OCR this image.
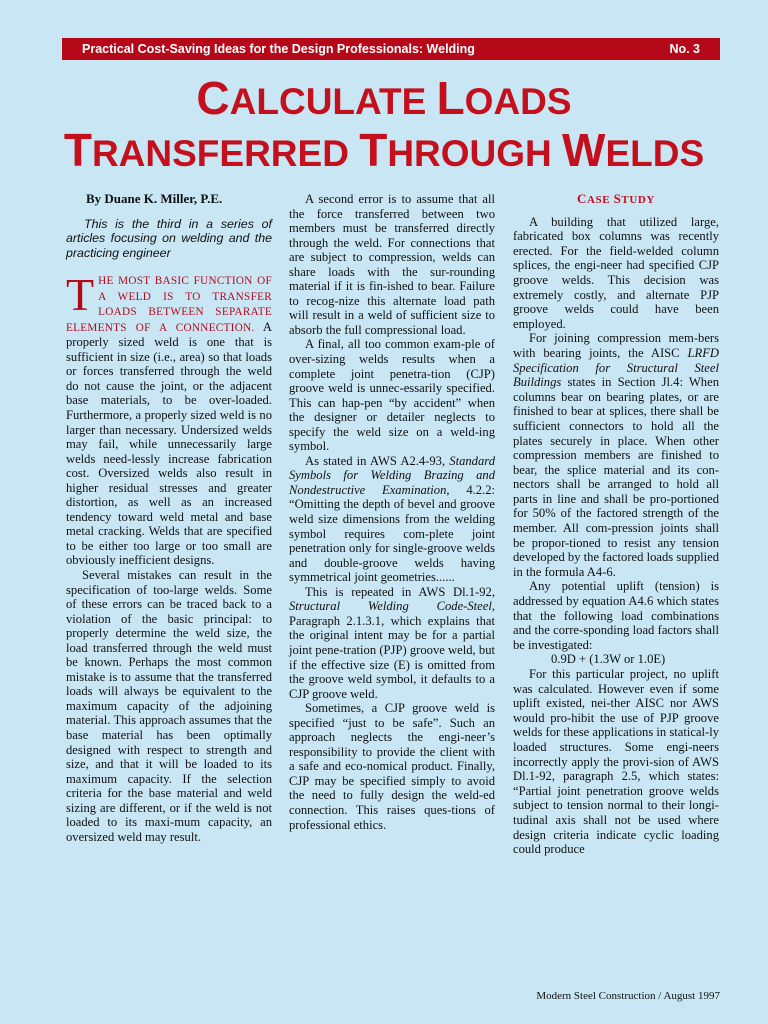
Practical Cost-Saving Ideas for the Design Professionals: Welding	No. 3
CALCULATE LOADS
TRANSFERRED THROUGH WELDS

By Duane K. Miller, P.E.

This is the third in a series of articles focusing on welding and the practicing engineer

THE MOST BASIC FUNCTION OF A WELD IS TO TRANSFER LOADS BETWEEN SEPARATE ELEMENTS OF A CONNECTION. A properly sized weld is one that is sufficient in size (i.e., area) so that loads or forces transferred through the weld do not cause the joint, or the adjacent base materials, to be over-loaded. Furthermore, a properly sized weld is no larger than necessary. Undersized welds may fail, while unnecessarily large welds need-lessly increase fabrication cost. Oversized welds also result in higher residual stresses and greater distortion, as well as an increased tendency toward weld metal and base metal cracking. Welds that are specified to be either too large or too small are obviously inefficient designs.

Several mistakes can result in the specification of too-large welds. Some of these errors can be traced back to a violation of the basic principal: to properly determine the weld size, the load transferred through the weld must be known. Perhaps the most common mistake is to assume that the transferred loads will always be equivalent to the maximum capacity of the adjoining material. This approach assumes that the base material has been optimally designed with respect to strength and size, and that it will be loaded to its maximum capacity. If the selection criteria for the base material and weld sizing are different, or if the weld is not loaded to its maxi-mum capacity, an oversized weld may result.

A second error is to assume that all the force transferred between two members must be transferred directly through the weld. For connections that are subject to compression, welds can share loads with the sur-rounding material if it is fin-ished to bear. Failure to recog-nize this alternate load path will result in a weld of sufficient size to absorb the full compressional load.

A final, all too common exam-ple of over-sizing welds results when a complete joint penetra-tion (CJP) groove weld is unnec-essarily specified. This can hap-pen “by accident” when the designer or detailer neglects to specify the weld size on a weld-ing symbol.

As stated in AWS A2.4-93, Standard Symbols for Welding Brazing and Nondestructive Examination, 4.2.2: “Omitting the depth of bevel and groove weld size dimensions from the welding symbol requires com-plete joint penetration only for single-groove welds and double-groove welds having symmetrical joint geometries......

This is repeated in AWS Dl.1-92, Structural Welding Code-Steel, Paragraph 2.1.3.1, which explains that the original intent may be for a partial joint pene-tration (PJP) groove weld, but if the effective size (E) is omitted from the groove weld symbol, it defaults to a CJP groove weld.

Sometimes, a CJP groove weld is specified “just to be safe”. Such an approach neglects the engi-neer’s responsibility to provide the client with a safe and eco-nomical product. Finally, CJP may be specified simply to avoid the need to fully design the weld-ed connection. This raises ques-tions of professional ethics.

CASE STUDY

A building that utilized large, fabricated box columns was recently erected. For the field-welded column splices, the engi-neer had specified CJP groove welds. This decision was extremely costly, and alternate PJP groove welds could have been employed.

For joining compression mem-bers with bearing joints, the AISC LRFD Specification for Structural Steel Buildings states in Section Jl.4: When columns bear on bearing plates, or are finished to bear at splices, there shall be sufficient connectors to hold all the plates securely in place. When other compression members are finished to bear, the splice material and its con-nectors shall be arranged to hold all parts in line and shall be pro-portioned for 50% of the factored strength of the member. All com-pression joints shall be propor-tioned to resist any tension developed by the factored loads supplied in the formula A4-6.

Any potential uplift (tension) is addressed by equation A4.6 which states that the following load combinations and the corre-sponding load factors shall be investigated:

0.9D + (1.3W or 1.0E)

For this particular project, no uplift was calculated. However even if some uplift existed, nei-ther AISC nor AWS would pro-hibit the use of PJP groove welds for these applications in statical-ly loaded structures. Some engi-neers incorrectly apply the provi-sion of AWS Dl.1-92, paragraph 2.5, which states: “Partial joint penetration groove welds subject to tension normal to their longi-tudinal axis shall not be used where design criteria indicate cyclic loading could produce

Modern Steel Construction / August 1997
